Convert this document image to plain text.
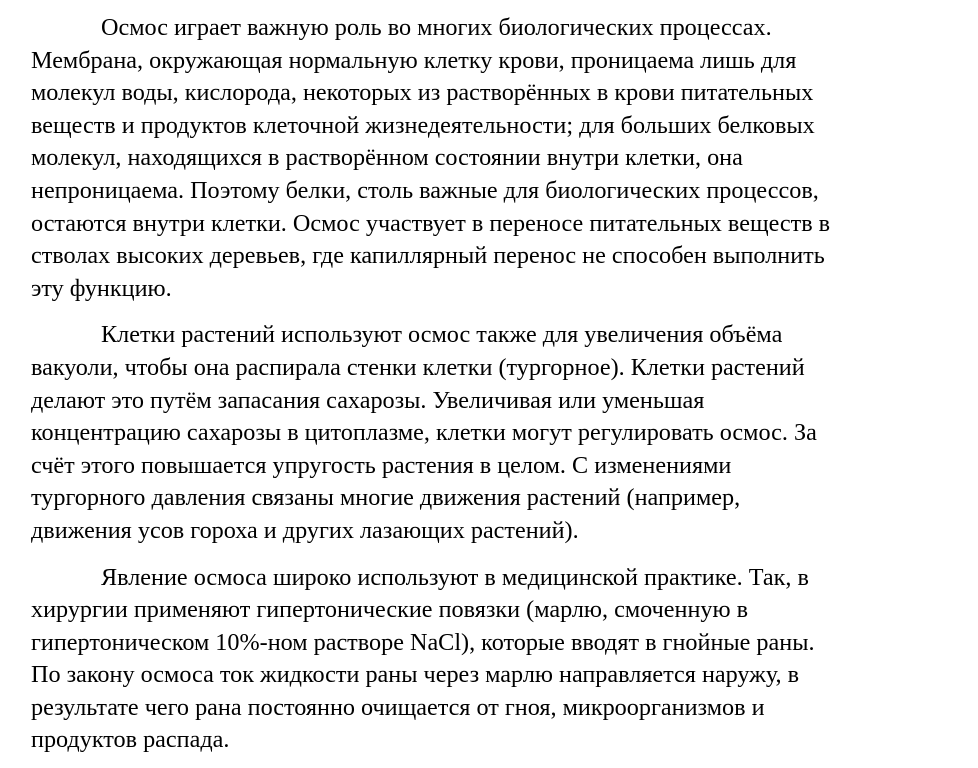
Осмос играет важную роль во многих биологических процессах.
Мембрана, окружающая нормальную клетку крови, проницаема лишь для
молекул воды, кислорода, некоторых из растворённых в крови питательных
веществ и продуктов клеточной жизнедеятельности; для больших белковых
молекул, находящихся в растворённом состоянии внутри клетки, она
непроницаема. Поэтому белки, столь важные для биологических процессов,
остаются внутри клетки. Осмос участвует в переносе питательных веществ в
стволах высоких деревьев, где капиллярный перенос не способен выполнить
эту функцию.
Клетки растений используют осмос также для увеличения объёма
вакуоли, чтобы она распирала стенки клетки (тургорное). Клетки растений
делают это путём запасания сахарозы. Увеличивая или уменьшая
концентрацию сахарозы в цитоплазме, клетки могут регулировать осмос. За
счёт этого повышается упругость растения в целом. С изменениями
тургорного давления связаны многие движения растений (например,
движения усов гороха и других лазающих растений).
Явление осмоса широко используют в медицинской практике. Так, в
хирургии применяют гипертонические повязки (марлю, смоченную в
гипертоническом 10%-ном растворе NaCl), которые вводят в гнойные раны.
По закону осмоса ток жидкости раны через марлю направляется наружу, в
результате чего рана постоянно очищается от гноя, микроорганизмов и
продуктов распада.
